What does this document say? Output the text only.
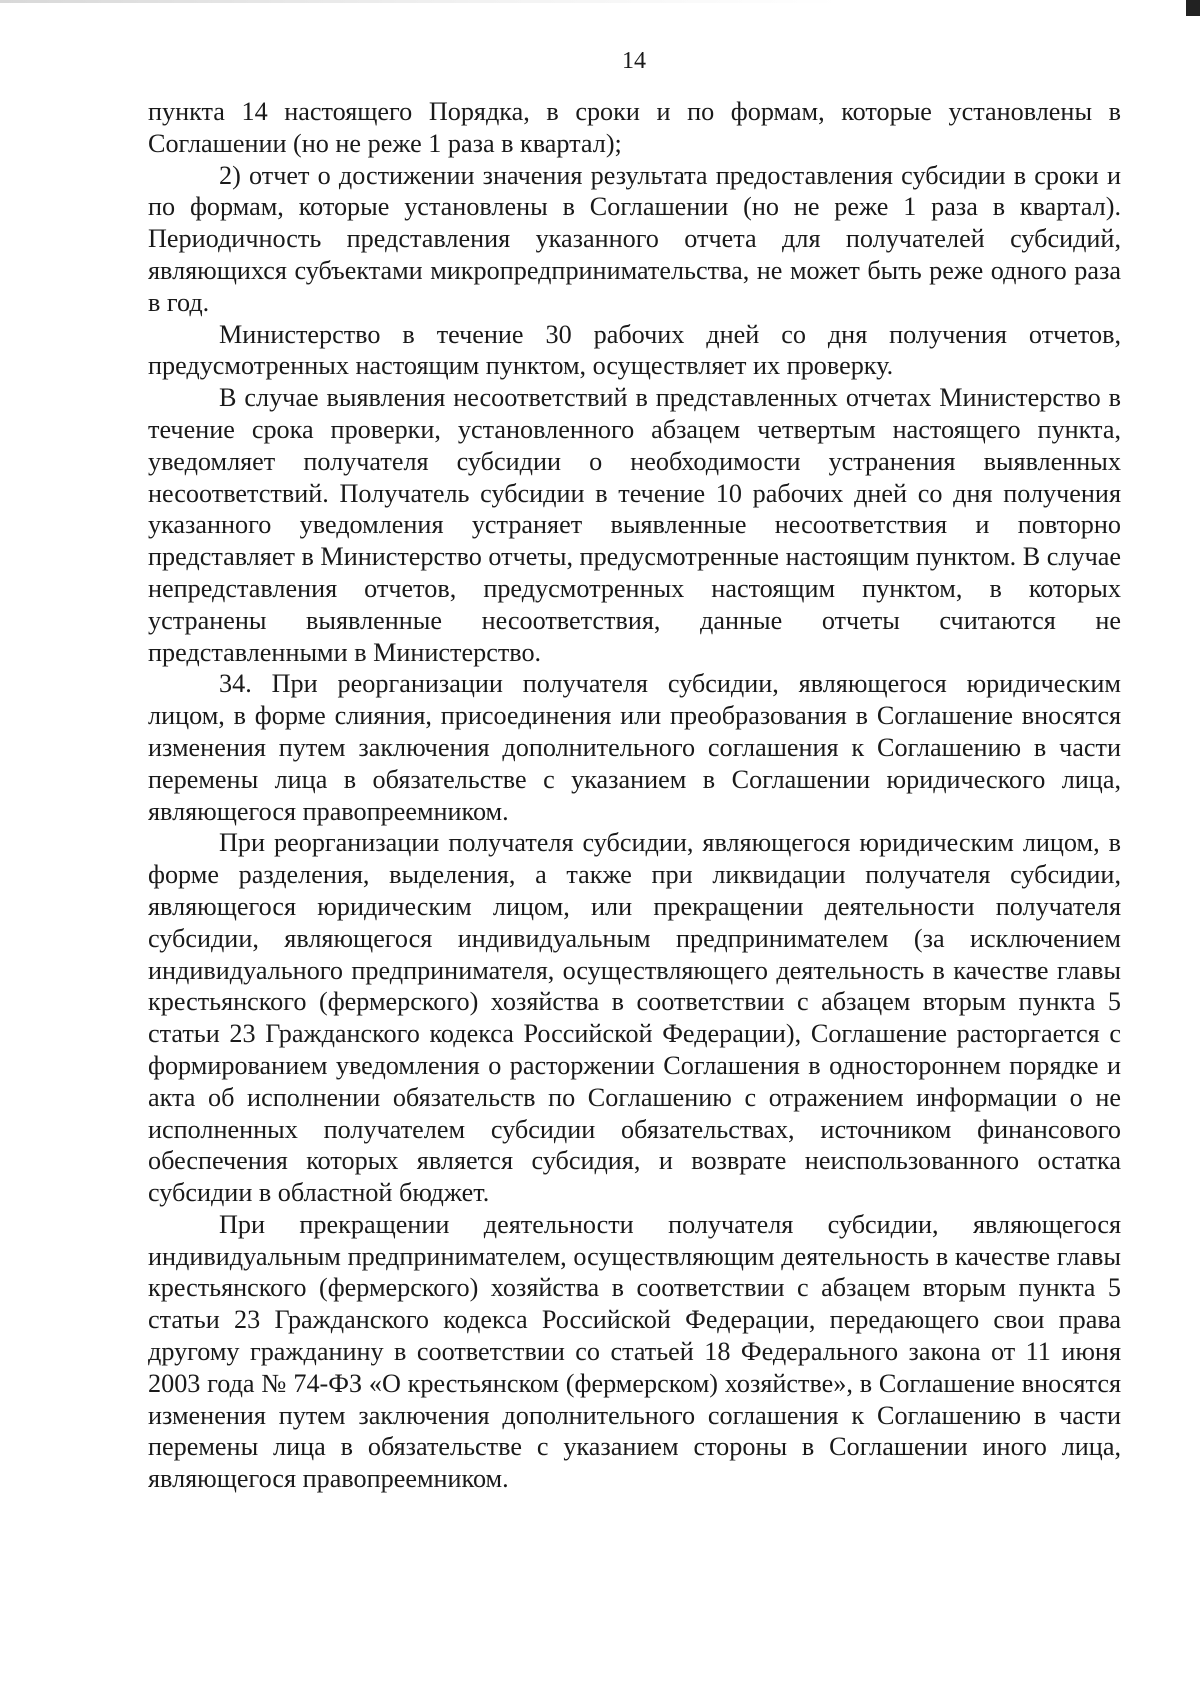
14

пункта 14 настоящего Порядка, в сроки и по формам, которые установлены в Соглашении (но не реже 1 раза в квартал);

2) отчет о достижении значения результата предоставления субсидии в сроки и по формам, которые установлены в Соглашении (но не реже 1 раза в квартал). Периодичность представления указанного отчета для получателей субсидий, являющихся субъектами микропредпринимательства, не может быть реже одного раза в год.

Министерство в течение 30 рабочих дней со дня получения отчетов, предусмотренных настоящим пунктом, осуществляет их проверку.

В случае выявления несоответствий в представленных отчетах Министерство в течение срока проверки, установленного абзацем четвертым настоящего пункта, уведомляет получателя субсидии о необходимости устранения выявленных несоответствий. Получатель субсидии в течение 10 рабочих дней со дня получения указанного уведомления устраняет выявленные несоответствия и повторно представляет в Министерство отчеты, предусмотренные настоящим пунктом. В случае непредставления отчетов, предусмотренных настоящим пунктом, в которых устранены выявленные несоответствия, данные отчеты считаются не представленными в Министерство.

34. При реорганизации получателя субсидии, являющегося юридическим лицом, в форме слияния, присоединения или преобразования в Соглашение вносятся изменения путем заключения дополнительного соглашения к Соглашению в части перемены лица в обязательстве с указанием в Соглашении юридического лица, являющегося правопреемником.

При реорганизации получателя субсидии, являющегося юридическим лицом, в форме разделения, выделения, а также при ликвидации получателя субсидии, являющегося юридическим лицом, или прекращении деятельности получателя субсидии, являющегося индивидуальным предпринимателем (за исключением индивидуального предпринимателя, осуществляющего деятельность в качестве главы крестьянского (фермерского) хозяйства в соответствии с абзацем вторым пункта 5 статьи 23 Гражданского кодекса Российской Федерации), Соглашение расторгается с формированием уведомления о расторжении Соглашения в одностороннем порядке и акта об исполнении обязательств по Соглашению с отражением информации о не исполненных получателем субсидии обязательствах, источником финансового обеспечения которых является субсидия, и возврате неиспользованного остатка субсидии в областной бюджет.

При прекращении деятельности получателя субсидии, являющегося индивидуальным предпринимателем, осуществляющим деятельность в качестве главы крестьянского (фермерского) хозяйства в соответствии с абзацем вторым пункта 5 статьи 23 Гражданского кодекса Российской Федерации, передающего свои права другому гражданину в соответствии со статьей 18 Федерального закона от 11 июня 2003 года № 74-ФЗ «О крестьянском (фермерском) хозяйстве», в Соглашение вносятся изменения путем заключения дополнительного соглашения к Соглашению в части перемены лица в обязательстве с указанием стороны в Соглашении иного лица, являющегося правопреемником.
